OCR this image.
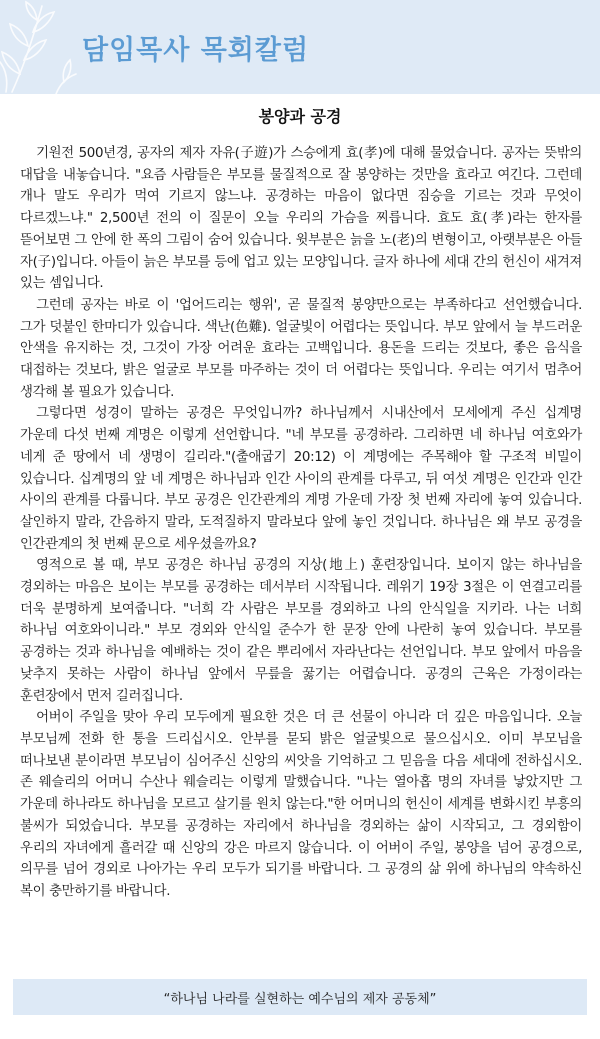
담임목사 목회칼럼
봉양과 공경

기원전 500년경, 공자의 제자 자유(子遊)가 스승에게 효(孝)에 대해 물었습니다. 공자는 뜻밖의 대답을 내놓습니다. "요즘 사람들은 부모를 물질적으로 잘 봉양하는 것만을 효라고 여긴다. 그런데 개나 말도 우리가 먹여 기르지 않느냐. 공경하는 마음이 없다면 짐승을 기르는 것과 무엇이 다르겠느냐." 2,500년 전의 이 질문이 오늘 우리의 가슴을 찌릅니다. 효도 효(孝)라는 한자를 뜯어보면 그 안에 한 폭의 그림이 숨어 있습니다. 윗부분은 늙을 노(老)의 변형이고, 아랫부분은 아들 자(子)입니다. 아들이 늙은 부모를 등에 업고 있는 모양입니다. 글자 하나에 세대 간의 헌신이 새겨져 있는 셈입니다.

그런데 공자는 바로 이 '업어드리는 행위', 곧 물질적 봉양만으로는 부족하다고 선언했습니다. 그가 덧붙인 한마디가 있습니다. 색난(色難). 얼굴빛이 어렵다는 뜻입니다. 부모 앞에서 늘 부드러운 안색을 유지하는 것, 그것이 가장 어려운 효라는 고백입니다. 용돈을 드리는 것보다, 좋은 음식을 대접하는 것보다, 밝은 얼굴로 부모를 마주하는 것이 더 어렵다는 뜻입니다. 우리는 여기서 멈추어 생각해 볼 필요가 있습니다.

그렇다면 성경이 말하는 공경은 무엇입니까? 하나님께서 시내산에서 모세에게 주신 십계명 가운데 다섯 번째 계명은 이렇게 선언합니다. "네 부모를 공경하라. 그리하면 네 하나님 여호와가 네게 준 땅에서 네 생명이 길리라."(출애굽기 20:12) 이 계명에는 주목해야 할 구조적 비밀이 있습니다. 십계명의 앞 네 계명은 하나님과 인간 사이의 관계를 다루고, 뒤 여섯 계명은 인간과 인간 사이의 관계를 다룹니다. 부모 공경은 인간관계의 계명 가운데 가장 첫 번째 자리에 놓여 있습니다. 살인하지 말라, 간음하지 말라, 도적질하지 말라보다 앞에 놓인 것입니다. 하나님은 왜 부모 공경을 인간관계의 첫 번째 문으로 세우셨을까요?

영적으로 볼 때, 부모 공경은 하나님 공경의 지상(地上) 훈련장입니다. 보이지 않는 하나님을 경외하는 마음은 보이는 부모를 공경하는 데서부터 시작됩니다. 레위기 19장 3절은 이 연결고리를 더욱 분명하게 보여줍니다. "너희 각 사람은 부모를 경외하고 나의 안식일을 지키라. 나는 너희 하나님 여호와이니라." 부모 경외와 안식일 준수가 한 문장 안에 나란히 놓여 있습니다. 부모를 공경하는 것과 하나님을 예배하는 것이 같은 뿌리에서 자라난다는 선언입니다. 부모 앞에서 마음을 낮추지 못하는 사람이 하나님 앞에서 무릎을 꿇기는 어렵습니다. 공경의 근육은 가정이라는 훈련장에서 먼저 길러집니다.

어버이 주일을 맞아 우리 모두에게 필요한 것은 더 큰 선물이 아니라 더 깊은 마음입니다. 오늘 부모님께 전화 한 통을 드리십시오. 안부를 묻되 밝은 얼굴빛으로 물으십시오. 이미 부모님을 떠나보낸 분이라면 부모님이 심어주신 신앙의 씨앗을 기억하고 그 믿음을 다음 세대에 전하십시오. 존 웨슬리의 어머니 수산나 웨슬리는 이렇게 말했습니다. "나는 열아홉 명의 자녀를 낳았지만 그 가운데 하나라도 하나님을 모르고 살기를 원치 않는다."한 어머니의 헌신이 세계를 변화시킨 부흥의 불씨가 되었습니다. 부모를 공경하는 자리에서 하나님을 경외하는 삶이 시작되고, 그 경외함이 우리의 자녀에게 흘러갈 때 신앙의 강은 마르지 않습니다. 이 어버이 주일, 봉양을 넘어 공경으로, 의무를 넘어 경외로 나아가는 우리 모두가 되기를 바랍니다. 그 공경의 삶 위에 하나님의 약속하신 복이 충만하기를 바랍니다.

“하나님 나라를 실현하는 예수님의 제자 공동체”
